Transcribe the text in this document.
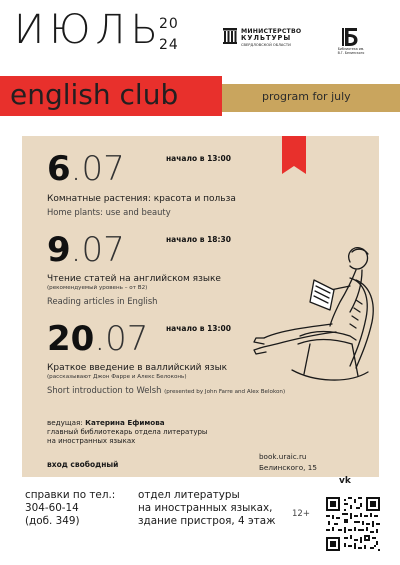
ИЮЛЬ
20
24
МИНИСТЕРСТВО
КУЛЬТУРЫ
СВЕРДЛОВСКОЙ ОБЛАСТИ
Библиотека им. В.Г. Белинского
english club	program for july
6.07	начало в 13:00
Комнатные растения: красота и польза
Home plants: use and beauty
9.07	начало в 18:30
Чтение статей на английском языке
(рекомендуемый уровень – от В2)
Reading articles in English
20.07 начало в 13:00
Краткое введение в валлийский язык
(рассказывают Джон Фарре и Алекс Белоконь)
Short introduction to Welsh (presented by John Farre and Alex Belokon)
ведущая: Катерина Ефимова
главный библиотекарь отдела литературы
на иностранных языках
вход свободный
book.uraic.ru
Белинского, 15
справки по тел.:
304-60-14
(доб. 349)
отдел литературы
на иностранных языках,
здание пристроя, 4 этаж
12+
vk
